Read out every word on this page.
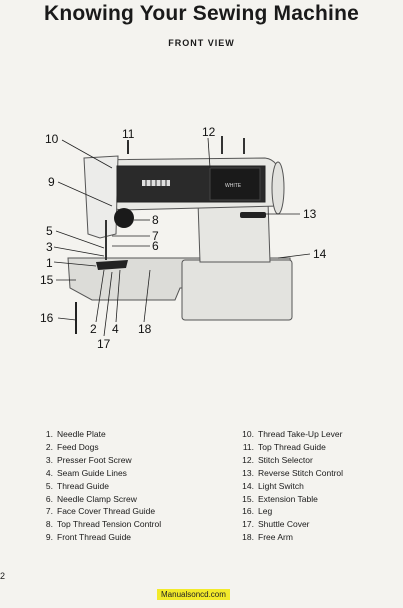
Knowing Your Sewing Machine
FRONT VIEW
WHITE
10	11	12
9
8
7
6
5
3
1
15
16
2 4
17
18
13
14
1. Needle Plate
2. Feed Dogs
3. Presser Foot Screw
4. Seam Guide Lines
5. Thread Guide
6. Needle Clamp Screw
7. Face Cover Thread Guide
8. Top Thread Tension Control
9. Front Thread Guide
10. Thread Take-Up Lever
11. Top Thread Guide
12. Stitch Selector
13. Reverse Stitch Control
14. Light Switch
15. Extension Table
16. Leg
17. Shuttle Cover
18. Free Arm
2
Manualsoncd.com
